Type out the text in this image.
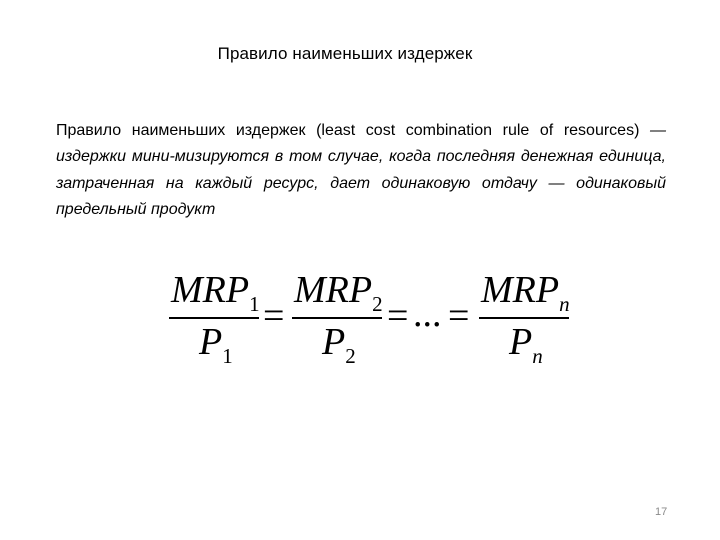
Правило наименьших издержек
Правило наименьших издержек (least cost combination rule of resources) —издержки мини-мизируются в том случае, когда последняя денежная единица, затраченная на каждый ресурс, дает одинаковую отдачу — одинаковый предельный продукт
$MRP_1$
$P_1$
=
$MRP_2$
$P_2$
= ... =
$MRP_n$
$P_n$
17
